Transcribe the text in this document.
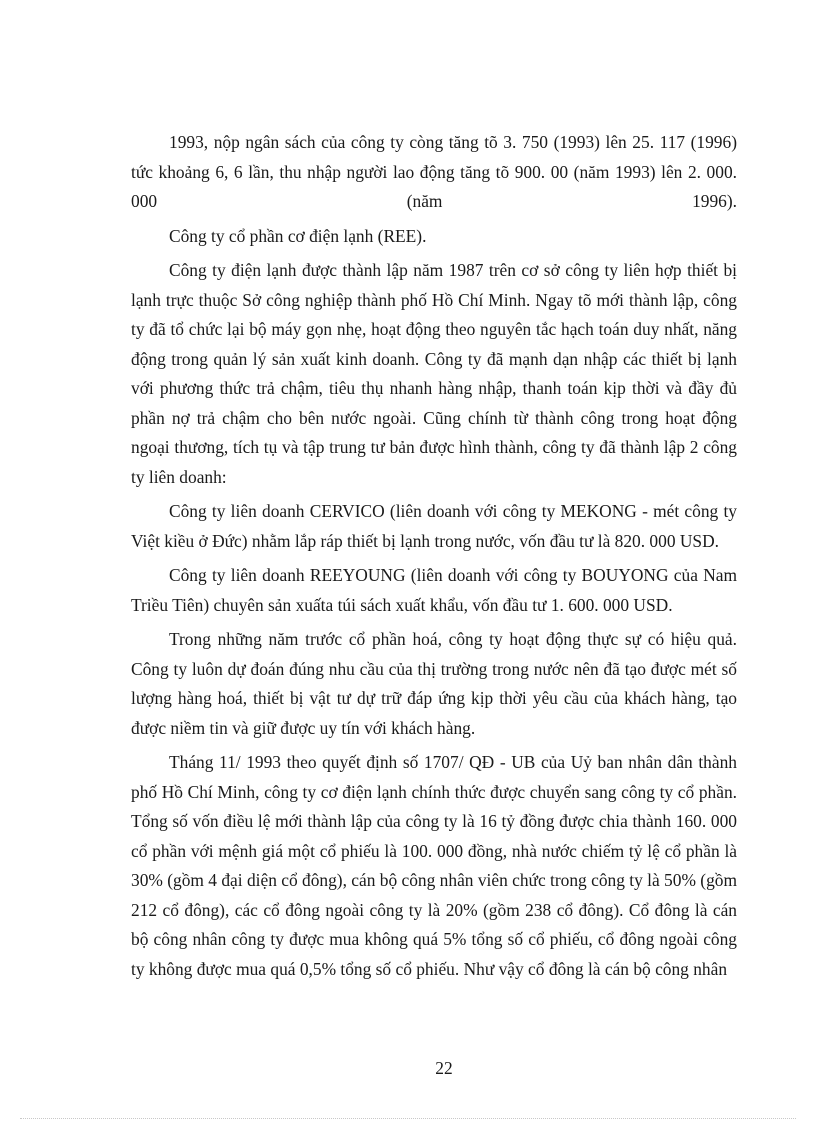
1993, nộp ngân sách của công ty còng tăng tõ 3. 750 (1993) lên 25. 117 (1996) tức khoảng 6, 6 lần, thu nhập người lao động tăng tõ 900. 00 (năm 1993) lên 2. 000. 000 (năm 1996).

Công ty cổ phần cơ điện lạnh (REE).

Công ty điện lạnh được thành lập năm 1987 trên cơ sở công ty liên hợp thiết bị lạnh trực thuộc Sở công nghiệp thành phố Hồ Chí Minh. Ngay tõ mới thành lập, công ty đã tổ chức lại bộ máy gọn nhẹ, hoạt động theo nguyên tắc hạch toán duy nhất, năng động trong quản lý sản xuất kinh doanh. Công ty đã mạnh dạn nhập các thiết bị lạnh với phương thức trả chậm, tiêu thụ nhanh hàng nhập, thanh toán kịp thời và đầy đủ phần nợ trả chậm cho bên nước ngoài. Cũng chính từ thành công trong hoạt động ngoại thương, tích tụ và tập trung tư bản được hình thành, công ty đã thành lập 2 công ty liên doanh:

Công ty liên doanh CERVICO (liên doanh với công ty MEKONG - mét công ty Việt kiều ở Đức) nhằm lắp ráp thiết bị lạnh trong nước, vốn đầu tư là 820. 000 USD.

Công ty liên doanh REEYOUNG (liên doanh với công ty BOUYONG của Nam Triều Tiên) chuyên sản xuấta túi sách xuất khẩu, vốn đầu tư 1. 600. 000 USD.

Trong những năm trước cổ phần hoá, công ty hoạt động thực sự có hiệu quả. Công ty luôn dự đoán đúng nhu cầu của thị trường trong nước nên đã tạo được mét số lượng hàng hoá, thiết bị vật tư dự trữ đáp ứng kịp thời yêu cầu của khách hàng, tạo được niềm tin và giữ được uy tín với khách hàng.

Tháng 11/ 1993 theo quyết định số 1707/ QĐ - UB của Uỷ ban nhân dân thành phố Hồ Chí Minh, công ty cơ điện lạnh chính thức được chuyển sang công ty cổ phần. Tổng số vốn điều lệ mới thành lập của công ty là 16 tỷ đồng được chia thành 160. 000 cổ phần với mệnh giá một cổ phiếu là 100. 000 đồng, nhà nước chiếm tỷ lệ cổ phần là 30% (gồm 4 đại diện cổ đông), cán bộ công nhân viên chức trong công ty là 50% (gồm 212 cổ đông), các cổ đông ngoài công ty là 20% (gồm 238 cổ đông). Cổ đông là cán bộ công nhân công ty được mua không quá 5% tổng số cổ phiếu, cổ đông ngoài công ty không được mua quá 0,5% tổng số cổ phiếu. Như vậy cổ đông là cán bộ công nhân

22
